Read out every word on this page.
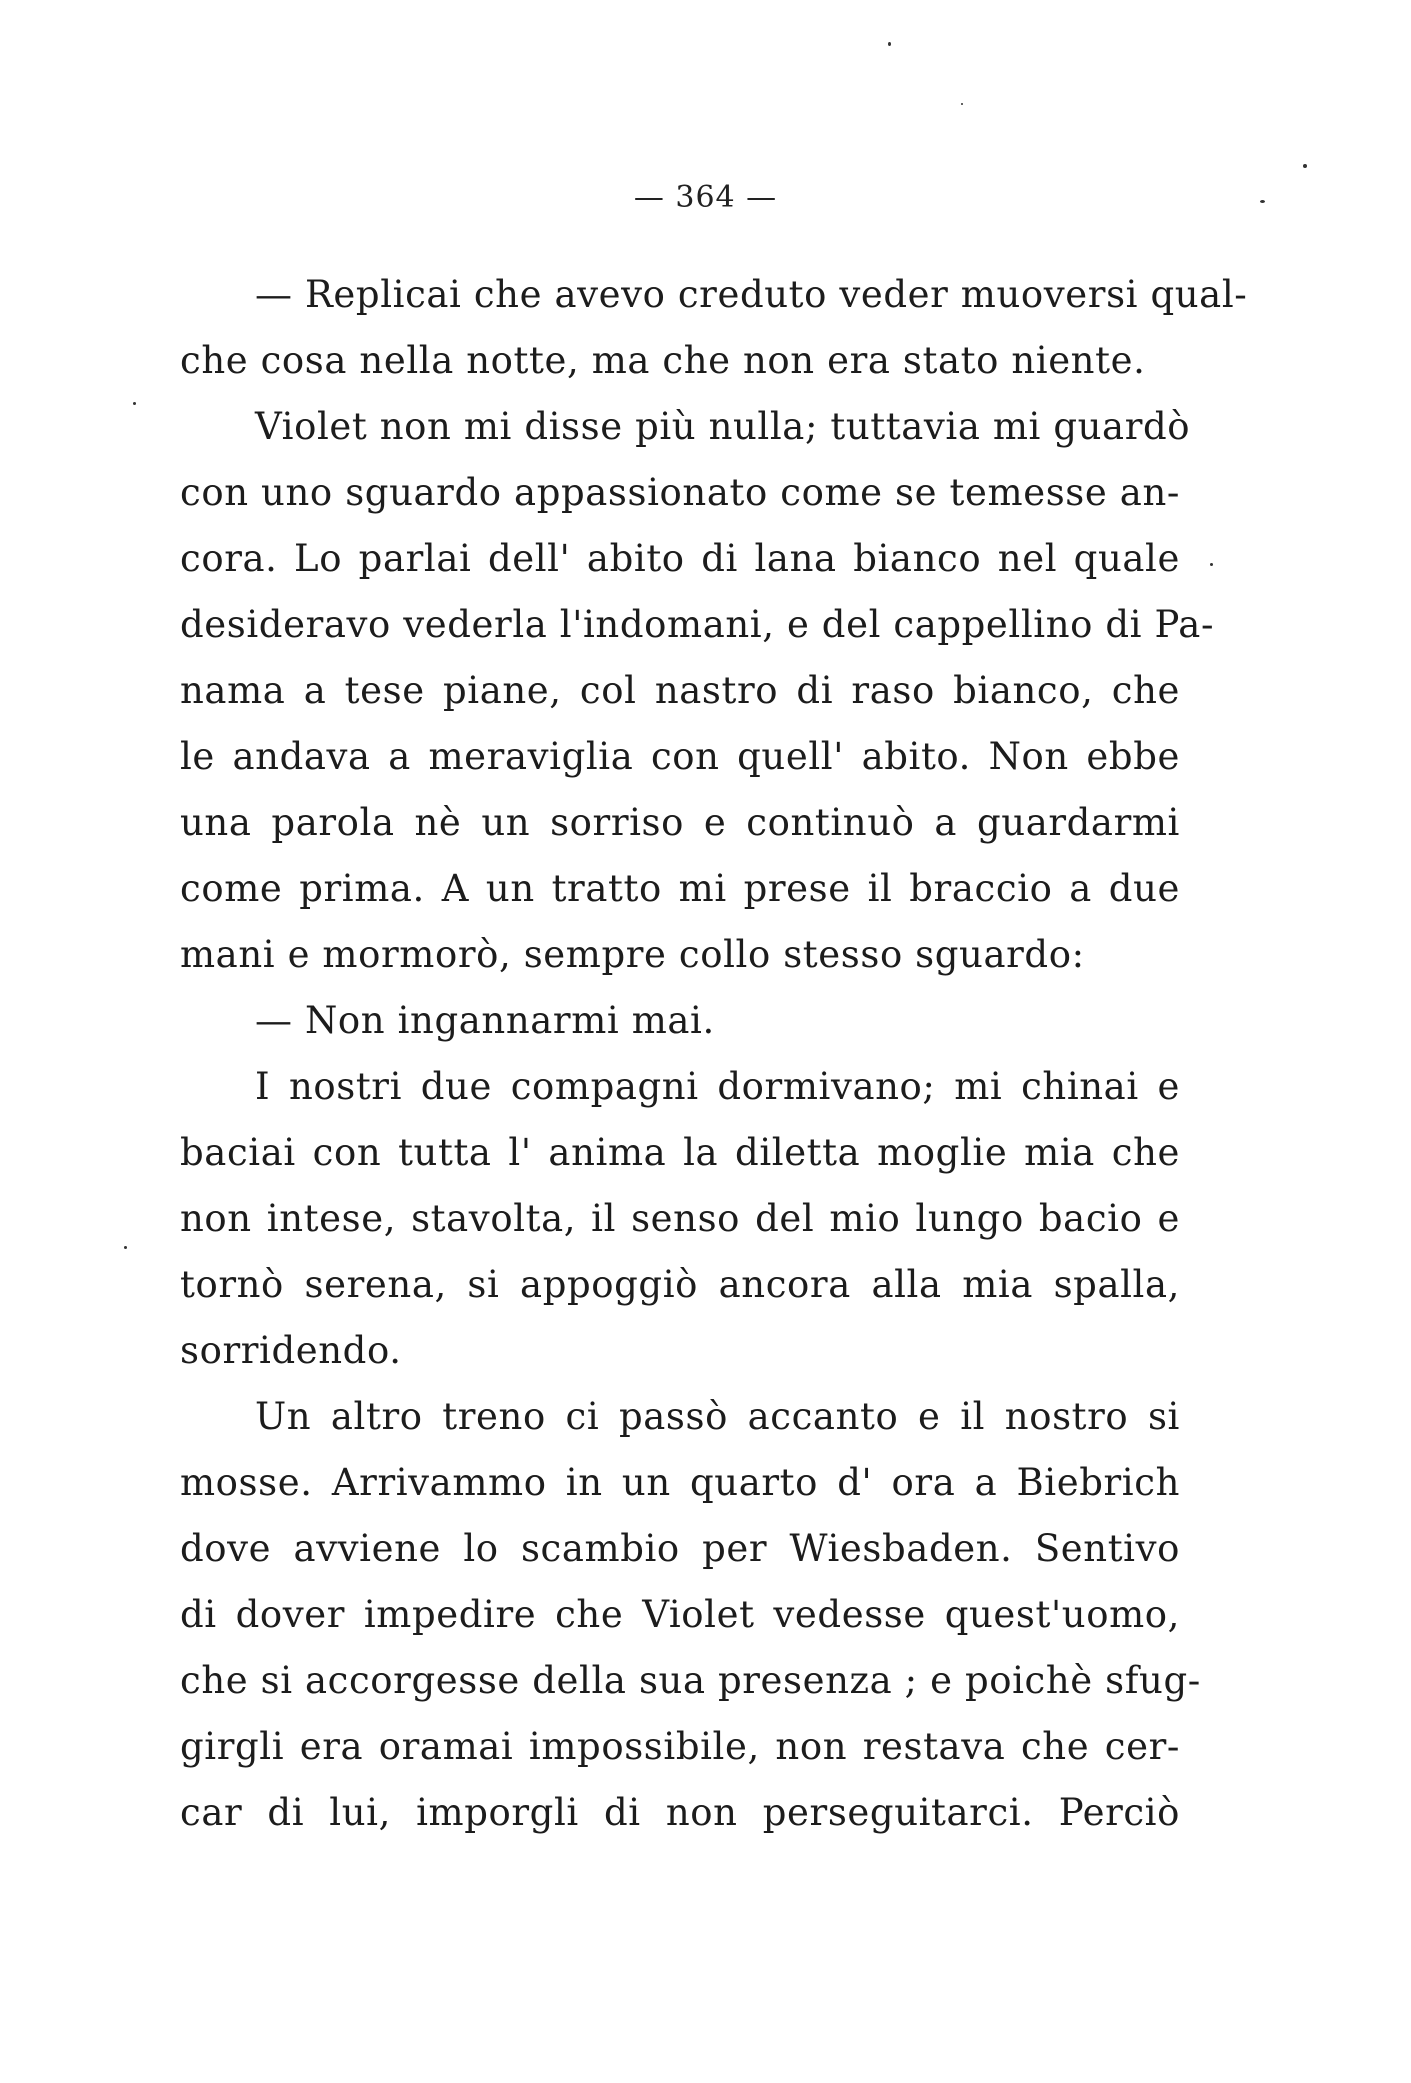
— 364 —
— Replicai che avevo creduto veder muoversi qual-
che cosa nella notte, ma che non era stato niente.
Violet non mi disse più nulla; tuttavia mi guardò
con uno sguardo appassionato come se temesse an-
cora. Lo parlai dell' abito di lana bianco nel quale
desideravo vederla l'indomani, e del cappellino di Pa-
nama a tese piane, col nastro di raso bianco, che
le andava a meraviglia con quell' abito. Non ebbe
una parola nè un sorriso e continuò a guardarmi
come prima. A un tratto mi prese il braccio a due
mani e mormorò, sempre collo stesso sguardo:
— Non ingannarmi mai.
I nostri due compagni dormivano; mi chinai e
baciai con tutta l' anima la diletta moglie mia che
non intese, stavolta, il senso del mio lungo bacio e
tornò serena, si appoggiò ancora alla mia spalla,
sorridendo.
Un altro treno ci passò accanto e il nostro si
mosse. Arrivammo in un quarto d' ora a Biebrich
dove avviene lo scambio per Wiesbaden. Sentivo
di dover impedire che Violet vedesse quest'uomo,
che si accorgesse della sua presenza ; e poichè sfug-
girgli era oramai impossibile, non restava che cer-
car di lui, imporgli di non perseguitarci. Perciò
